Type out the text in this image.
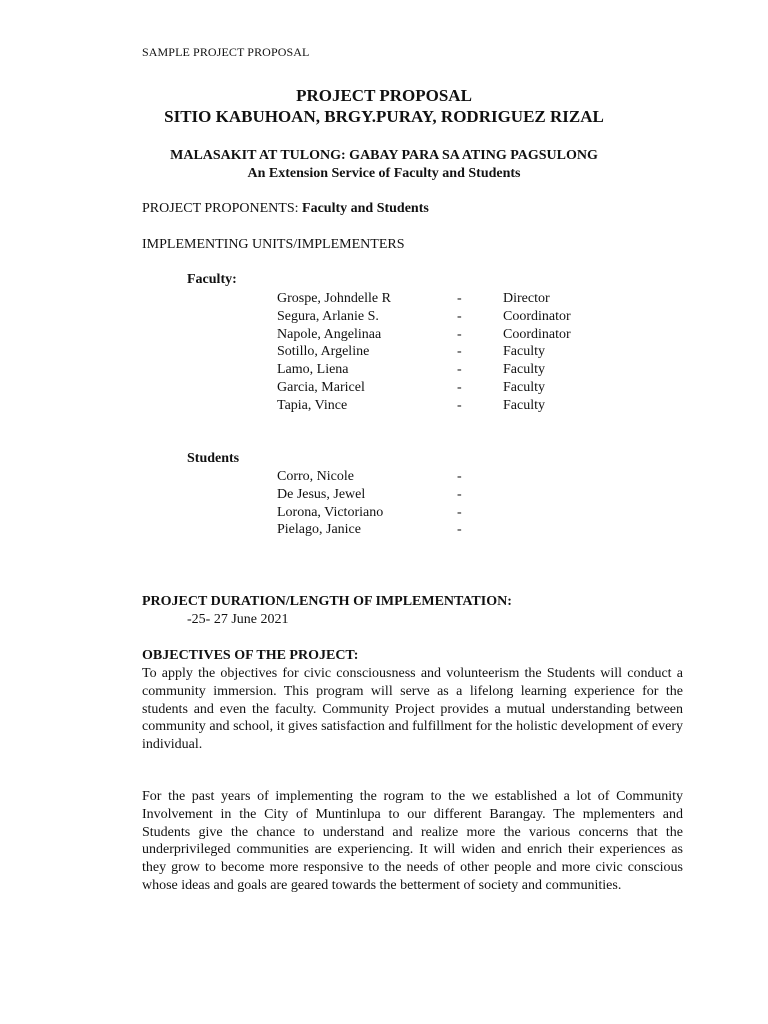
SAMPLE PROJECT PROPOSAL
PROJECT PROPOSAL
SITIO KABUHOAN, BRGY.PURAY, RODRIGUEZ RIZAL
MALASAKIT AT TULONG: GABAY PARA SA ATING PAGSULONG
An Extension Service of Faculty and Students
PROJECT PROPONENTS: Faculty and Students
IMPLEMENTING UNITS/IMPLEMENTERS
Faculty:
Grospe, Johndelle R	-	Director
Segura, Arlanie S.	-	Coordinator
Napole, Angelinaa	-	Coordinator
Sotillo, Argeline	-	Faculty
Lamo, Liena	-	Faculty
Garcia, Maricel	-	Faculty
Tapia, Vince	-	Faculty
Students
Corro, Nicole	-
De Jesus, Jewel	-
Lorona, Victoriano	-
Pielago, Janice	-
PROJECT DURATION/LENGTH OF IMPLEMENTATION:
-25- 27 June 2021
OBJECTIVES OF THE PROJECT:

To apply the objectives for civic consciousness and volunteerism the Students will conduct a community immersion. This program will serve as a lifelong learning experience for the students and even the faculty. Community Project provides a mutual understanding between community and school, it gives satisfaction and fulfillment for the holistic development of every individual.

For the past years of implementing the rogram to the we established a lot of Community Involvement in the City of Muntinlupa to our different Barangay. The mplementers and Students give the chance to understand and realize more the various concerns that the underprivileged communities are experiencing. It will widen and enrich their experiences as they grow to become more responsive to the needs of other people and more civic conscious whose ideas and goals are geared towards the betterment of society and communities.
